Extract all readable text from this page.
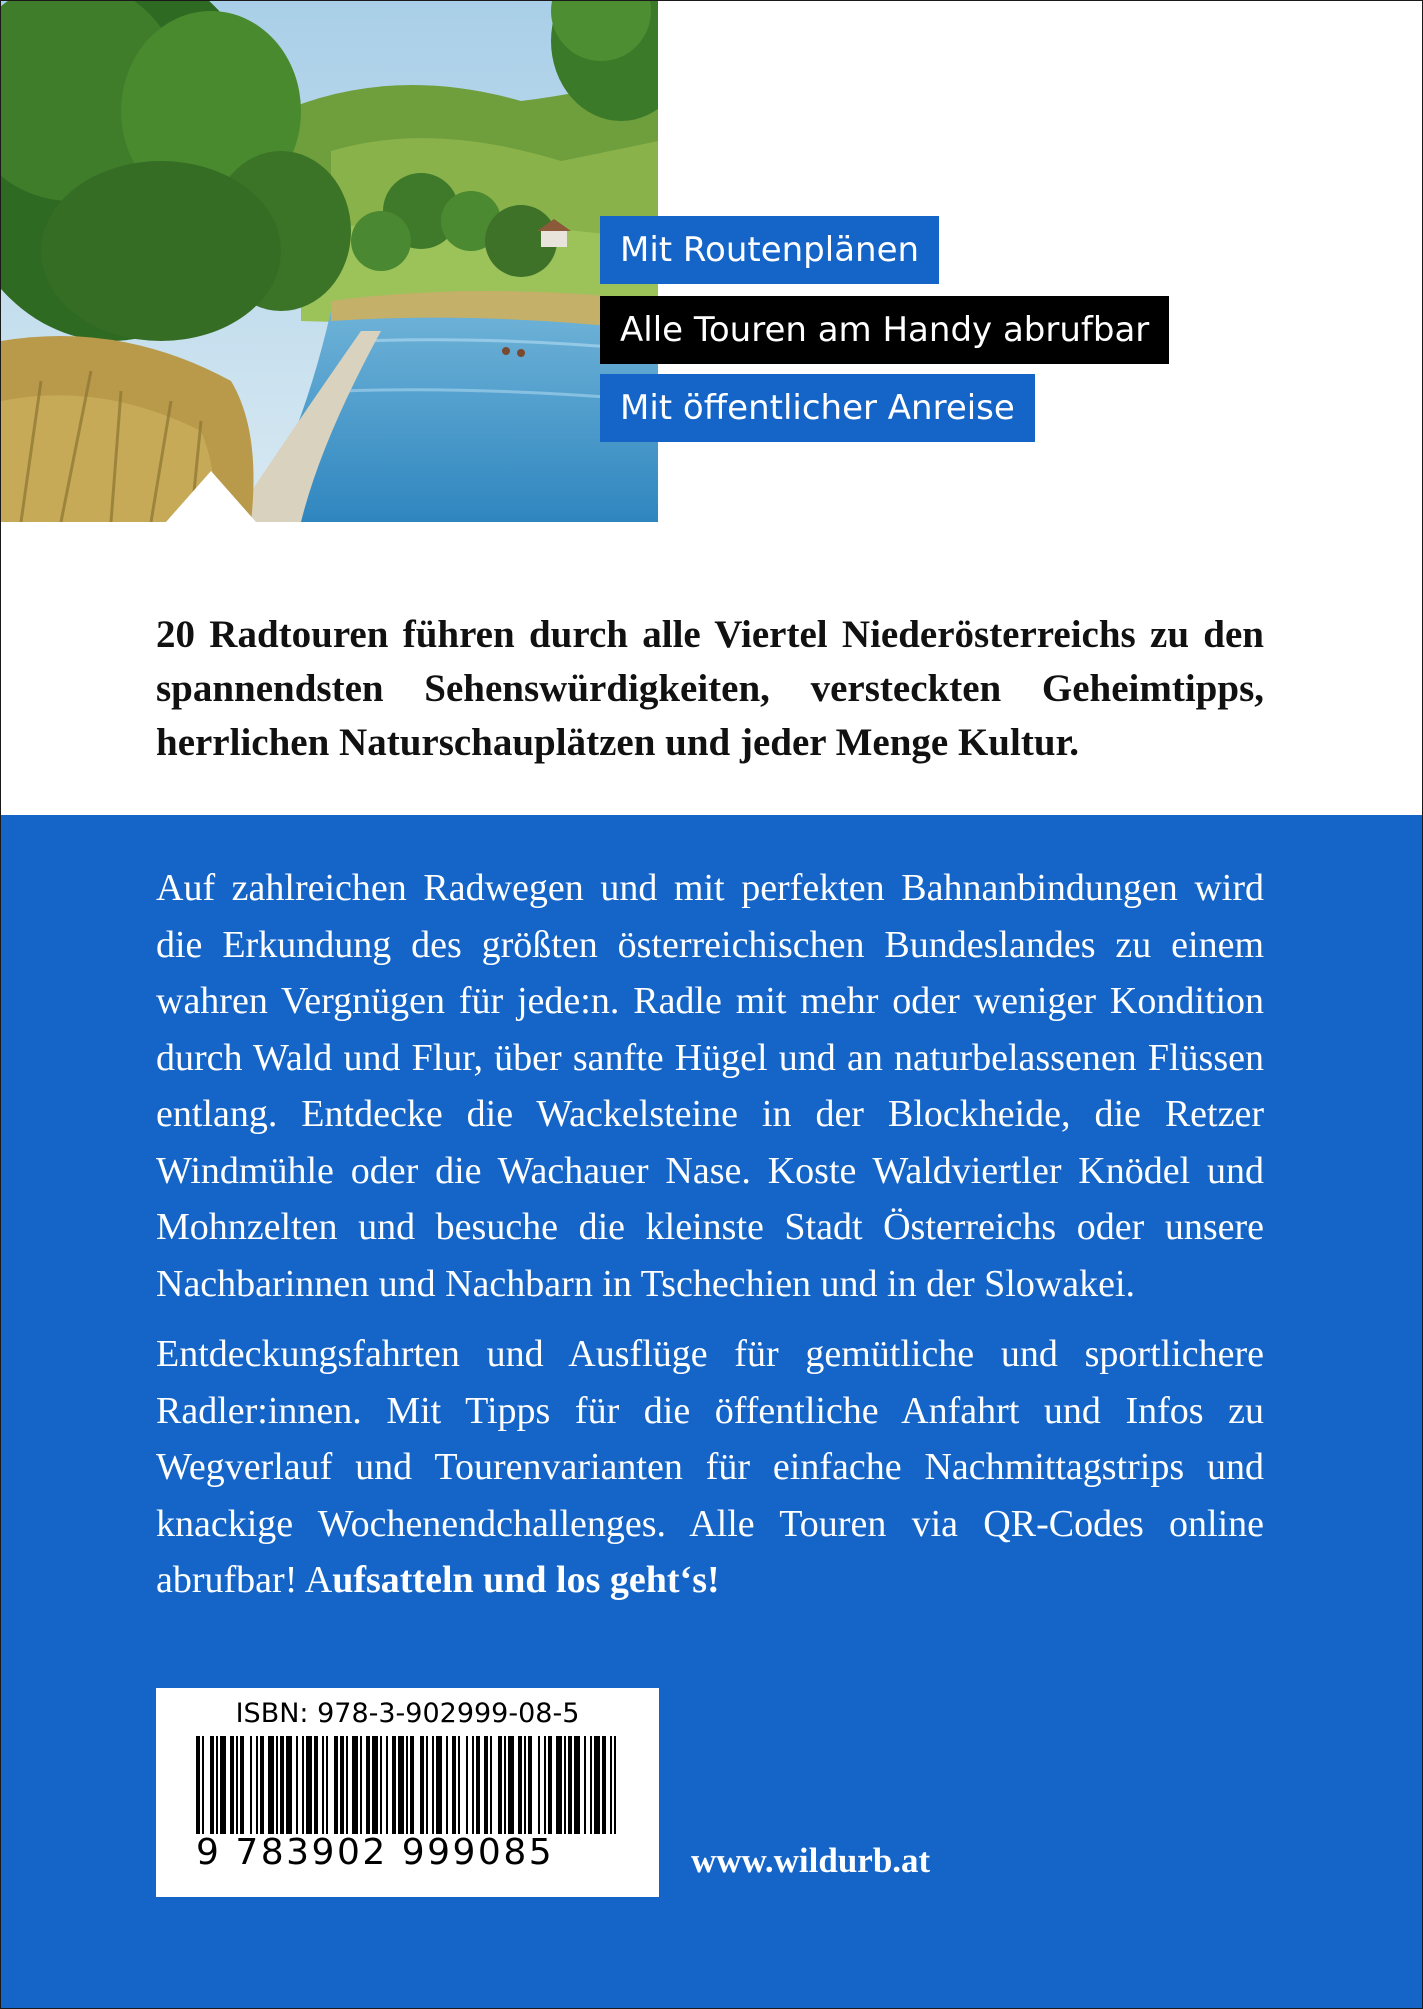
Mit Routenplänen
Alle Touren am Handy abrufbar
Mit öffentlicher Anreise
20 Radtouren führen durch alle Viertel Niederösterreichs zu den spannendsten Sehenswürdigkeiten, versteckten Geheimtipps, herrlichen Naturschauplätzen und jeder Menge Kultur.
Auf zahlreichen Radwegen und mit perfekten Bahnanbindungen wird die Erkundung des größten österreichischen Bundeslandes zu einem wahren Vergnügen für jede:n. Radle mit mehr oder weniger Kondition durch Wald und Flur, über sanfte Hügel und an naturbelassenen Flüssen entlang. Entdecke die Wackelsteine in der Blockheide, die Retzer Windmühle oder die Wachauer Nase. Koste Waldviertler Knödel und Mohnzelten und besuche die kleinste Stadt Österreichs oder unsere Nachbarinnen und Nachbarn in Tschechien und in der Slowakei.
Entdeckungsfahrten und Ausflüge für gemütliche und sportlichere Radler:innen. Mit Tipps für die öffentliche Anfahrt und Infos zu Wegverlauf und Tourenvarianten für einfache Nachmittagstrips und knackige Wochenendchallenges. Alle Touren via QR-Codes online abrufbar! Aufsatteln und los geht‘s!
ISBN: 978-3-902999-08-5
9 783902 999085	www.wildurb.at
